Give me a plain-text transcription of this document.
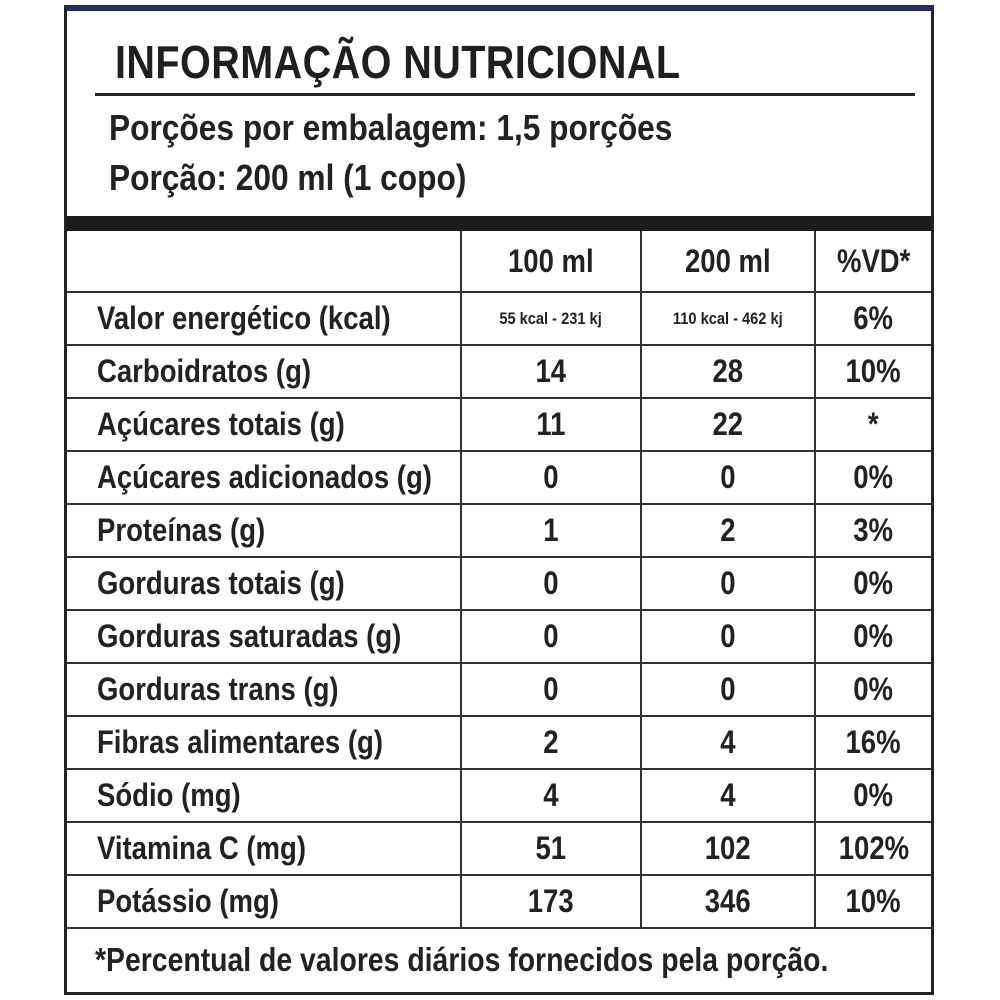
INFORMAÇÃO NUTRICIONAL
Porções por embalagem: 1,5 porções
Porção: 200 ml (1 copo)
	100 ml	200 ml	%VD*
Valor energético (kcal)	55 kcal - 231 kj	110 kcal - 462 kj	6%
Carboidratos (g)	14	28	10%
Açúcares totais (g)	11	22	*
Açúcares adicionados (g)	0	0	0%
Proteínas (g)	1	2	3%
Gorduras totais (g)	0	0	0%
Gorduras saturadas (g)	0	0	0%
Gorduras trans (g)	0	0	0%
Fibras alimentares (g)	2	4	16%
Sódio (mg)	4	4	0%
Vitamina C (mg)	51	102	102%
Potássio (mg)	173	346	10%
*Percentual de valores diários fornecidos pela porção.
